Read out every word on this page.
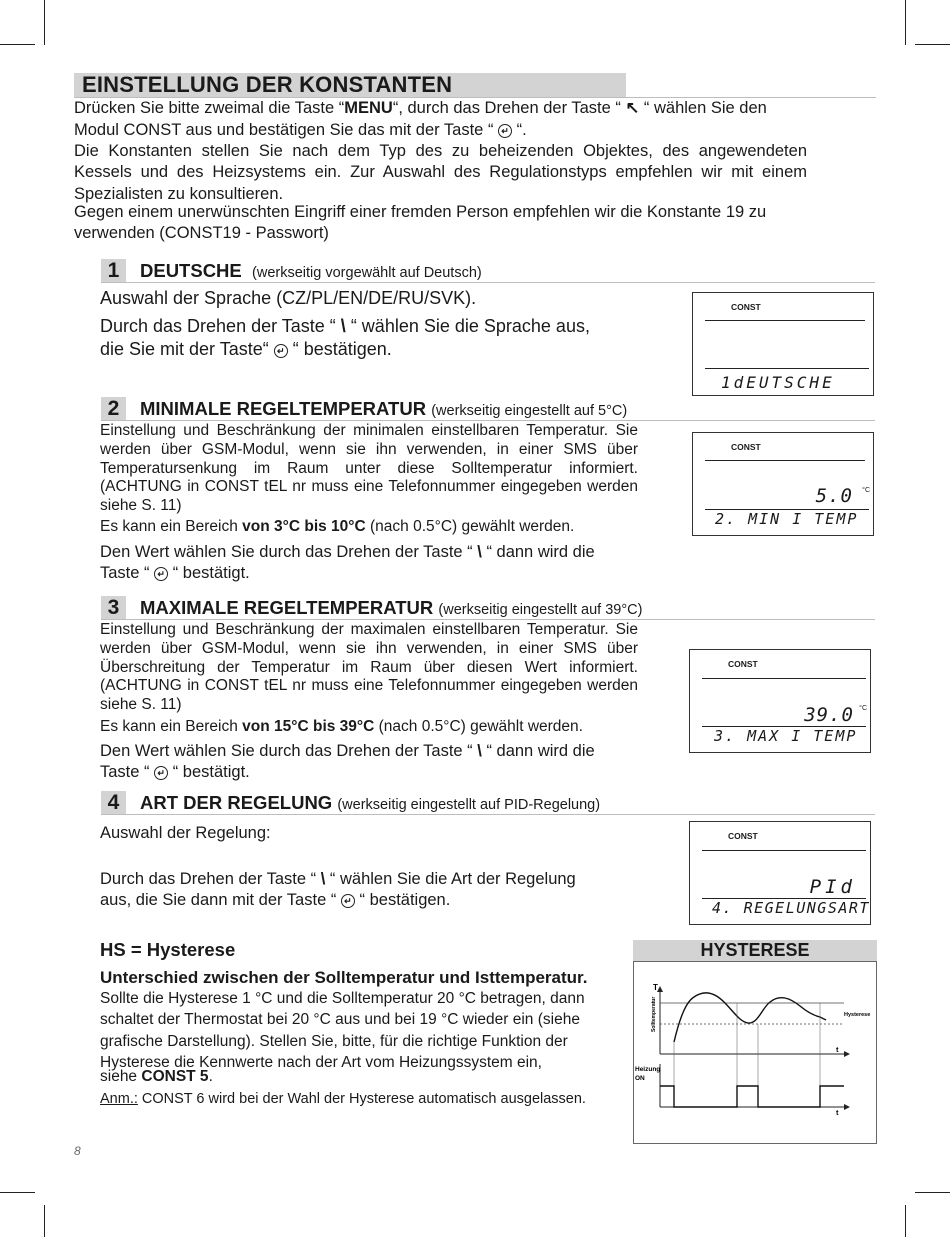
EINSTELLUNG DER KONSTANTEN
Drücken Sie bitte zweimal die Taste “MENU“, durch das Drehen der Taste “ ↖ “ wählen Sie den
Modul CONST aus und bestätigen Sie das mit der Taste “ ↵ “.
Die Konstanten stellen Sie nach dem Typ des zu beheizenden Objektes, des angewendeten Kessels und des Heizsystems ein. Zur Auswahl des Regulationstyps empfehlen wir mit einem Spezialisten zu konsultieren.
Gegen einem unerwünschten Eingriff einer fremden Person empfehlen wir die Konstante 19 zu verwenden (CONST19 - Passwort)
1	DEUTSCHE (werkseitig vorgewählt auf Deutsch)
Auswahl der Sprache (CZ/PL/EN/DE/RU/SVK).
Durch das Drehen der Taste “ \ “ wählen Sie die Sprache aus,
die Sie mit der Taste“ ↵ “ bestätigen.
CONST
1dEUTSCHE
2	MINIMALE REGELTEMPERATUR (werkseitig eingestellt auf 5°C)
Einstellung und Beschränkung der minimalen einstellbaren Temperatur. Sie werden über GSM-Modul, wenn sie ihn verwenden, in einer SMS über Temperatursenkung im Raum unter diese Solltemperatur informiert. (ACHTUNG in CONST tEL nr muss eine Telefonnummer eingegeben werden siehe S. 11)
Es kann ein Bereich von 3°C bis 10°C (nach 0.5°C) gewählt werden.
Den Wert wählen Sie durch das Drehen der Taste “ \ “ dann wird die
Taste “ ↵ “ bestätigt.
CONST
5.0 °C
2. MIN I TEMP
3	MAXIMALE REGELTEMPERATUR (werkseitig eingestellt auf 39°C)
Einstellung und Beschränkung der maximalen einstellbaren Temperatur. Sie werden über GSM-Modul, wenn sie ihn verwenden, in einer SMS über Überschreitung der Temperatur im Raum über diesen Wert informiert. (ACHTUNG in CONST tEL nr muss eine Telefonnummer eingegeben werden siehe S. 11)
Es kann ein Bereich von 15°C bis 39°C (nach 0.5°C) gewählt werden.
Den Wert wählen Sie durch das Drehen der Taste “ \ “ dann wird die
Taste “ ↵ “ bestätigt.
CONST
39.0 °C
3. MAX I TEMP
4	ART DER REGELUNG (werkseitig eingestellt auf PID-Regelung)
Auswahl der Regelung:
Durch das Drehen der Taste “ \ “ wählen Sie die Art der Regelung
aus, die Sie dann mit der Taste “ ↵ “ bestätigen.
CONST
PId
4. REGELUNGSART
HS = Hysterese
Unterschied zwischen der Solltemperatur und Isttemperatur.
Sollte die Hysterese 1 °C und die Solltemperatur 20 °C betragen, dann schaltet der Thermostat bei 20 °C aus und bei 19 °C wieder ein (siehe grafische Darstellung). Stellen Sie, bitte, für die richtige Funktion der Hysterese die Kennwerte nach der Art vom Heizungssystem ein,
siehe CONST 5.
Anm.: CONST 6 wird bei der Wahl der Hysterese automatisch ausgelassen.
HYSTERESE
T
Solltemperatur	Hysterese
t
t
Heizung
ON
8
